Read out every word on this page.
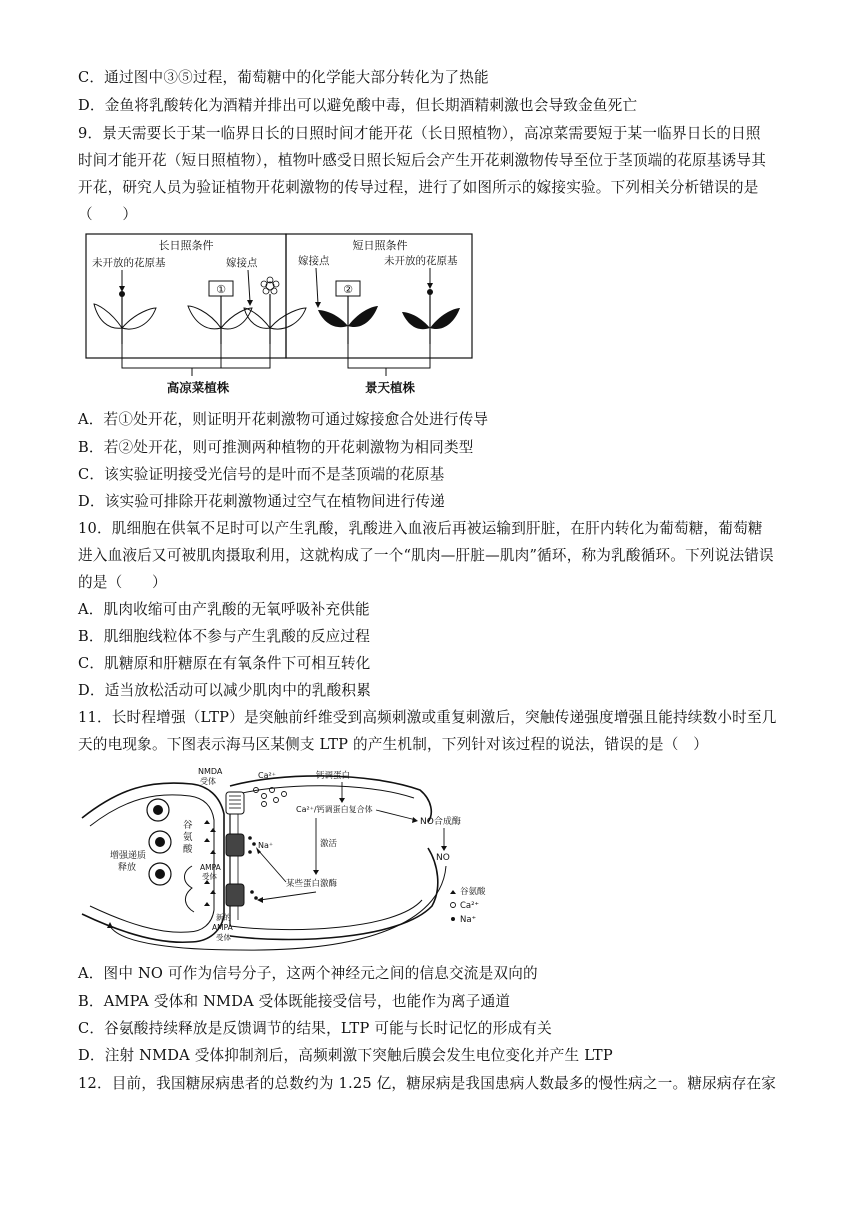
C．通过图中③⑤过程，葡萄糖中的化学能大部分转化为了热能
D．金鱼将乳酸转化为酒精并排出可以避免酸中毒，但长期酒精刺激也会导致金鱼死亡
9．景天需要长于某一临界日长的日照时间才能开花（长日照植物），高凉菜需要短于某一临界日长的日照
时间才能开花（短日照植物），植物叶感受日照长短后会产生开花刺激物传导至位于茎顶端的花原基诱导其
开花，研究人员为验证植物开花刺激物的传导过程，进行了如图所示的嫁接实验。下列相关分析错误的是
（　　）
长日照条件	短日照条件
未开放的花原基	嫁接点	嫁接点	未开放的花原基
①	②
高凉菜植株	景天植株
A．若①处开花，则证明开花刺激物可通过嫁接愈合处进行传导
B．若②处开花，则可推测两种植物的开花刺激物为相同类型
C．该实验证明接受光信号的是叶而不是茎顶端的花原基
D．该实验可排除开花刺激物通过空气在植物间进行传递
10．肌细胞在供氧不足时可以产生乳酸，乳酸进入血液后再被运输到肝脏，在肝内转化为葡萄糖，葡萄糖
进入血液后又可被肌肉摄取利用，这就构成了一个“肌肉—肝脏—肌肉”循环，称为乳酸循环。下列说法错误
的是（　　）
A．肌肉收缩可由产乳酸的无氧呼吸补充供能
B．肌细胞线粒体不参与产生乳酸的反应过程
C．肌糖原和肝糖原在有氧条件下可相互转化
D．适当放松活动可以减少肌肉中的乳酸积累
11．长时程增强（LTP）是突触前纤维受到高频刺激或重复刺激后，突触传递强度增强且能持续数小时至几
天的电现象。下图表示海马区某侧支 LTP 的产生机制，下列针对该过程的说法，错误的是（　）
谷
氨
酸
增强递质
释放
NMDA
受体
Ca²⁺	钙调蛋白
Ca²⁺/钙调蛋白复合体
NO合成酶
Na⁺
AMPA
受体
激活
某些蛋白激酶
NO
新的
AMPA
受体
谷氨酸
Ca²⁺
Na⁺
A．图中 NO 可作为信号分子，这两个神经元之间的信息交流是双向的
B．AMPA 受体和 NMDA 受体既能接受信号，也能作为离子通道
C．谷氨酸持续释放是反馈调节的结果，LTP 可能与长时记忆的形成有关
D．注射 NMDA 受体抑制剂后，高频刺激下突触后膜会发生电位变化并产生 LTP
12．目前，我国糖尿病患者的总数约为 1.25 亿，糖尿病是我国患病人数最多的慢性病之一。糖尿病存在家
